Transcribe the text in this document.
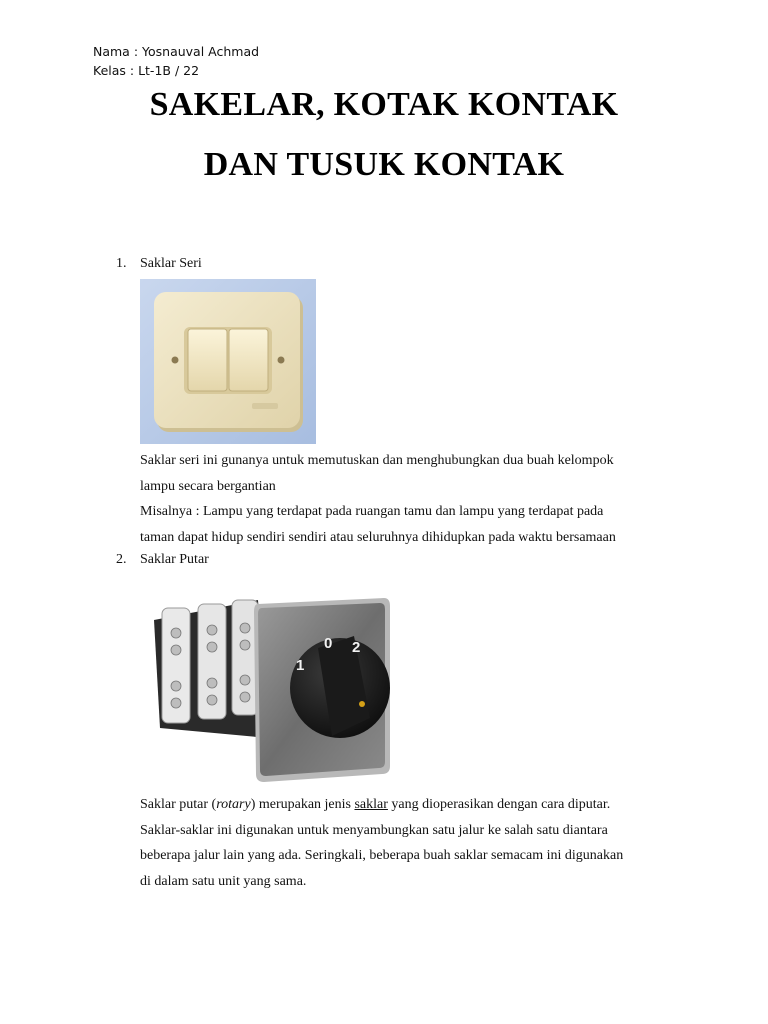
Nama : Yosnauval Achmad
Kelas : Lt-1B / 22
SAKELAR, KOTAK KONTAK
DAN TUSUK KONTAK
1. Saklar Seri

Saklar seri ini gunanya untuk memutuskan dan menghubungkan dua buah kelompok

lampu secara bergantian

Misalnya : Lampu yang terdapat pada ruangan tamu dan lampu yang terdapat pada

taman dapat hidup sendiri sendiri atau seluruhnya dihidupkan pada waktu bersamaan

2. Saklar Putar
1
0 2

Saklar putar (rotary) merupakan jenis saklar yang dioperasikan dengan cara diputar.

Saklar-saklar ini digunakan untuk menyambungkan satu jalur ke salah satu diantara

beberapa jalur lain yang ada. Seringkali, beberapa buah saklar semacam ini digunakan

di dalam satu unit yang sama.
